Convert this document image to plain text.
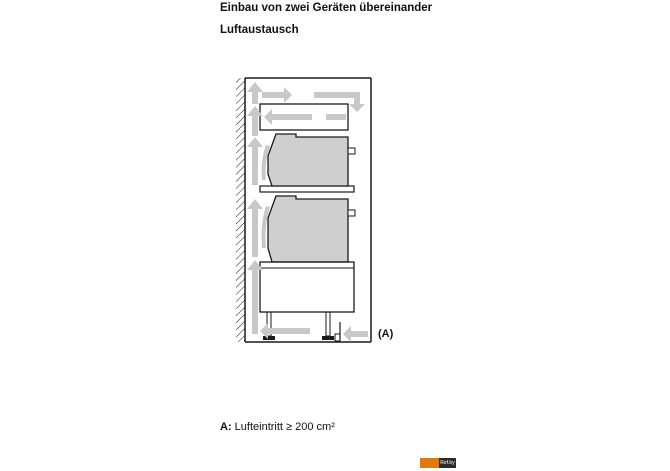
Einbau von zwei Geräten übereinander
Luftaustausch
(A)
A: Lufteintritt ≥ 200 cm²
Ref.by
